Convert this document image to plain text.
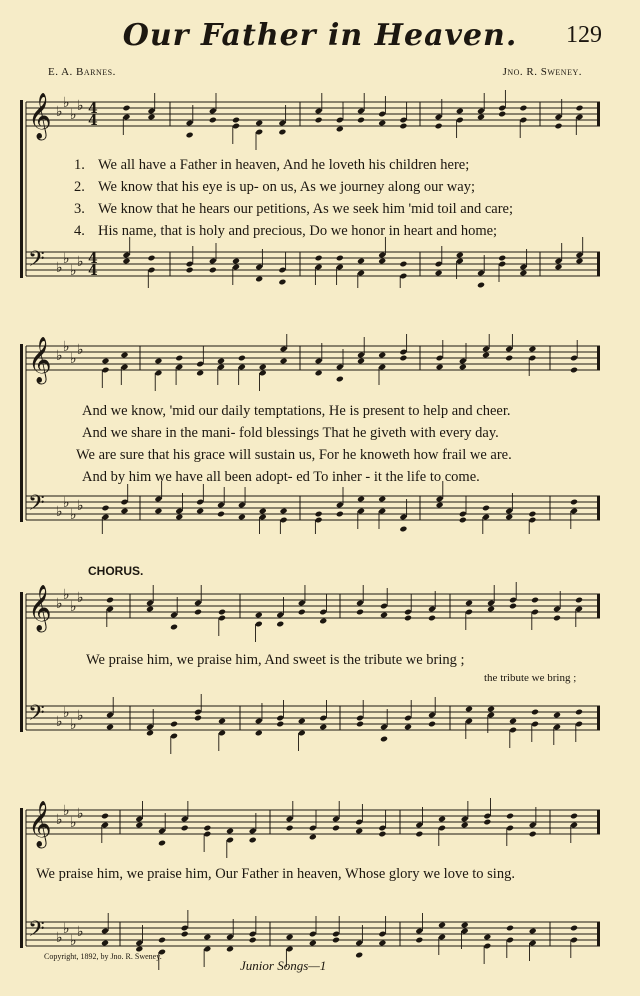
Our Father in Heaven.	129
E. A. Barnes.	Jno. R. Sweney.
𝄞 ♭
♭
♭
♭ 4
4
𝄢 ♭
♭
♭
♭ 4
4
1. We all have a Father in heaven, And he loveth his children here;
2. We know that his eye is up- on us, As we journey along our way;
3. We know that he hears our petitions, As we seek him 'mid toil and care;
4. His name, that is holy and precious, Do we honor in heart and home;
𝄞 ♭
♭
♭
♭
𝄢 ♭
♭
♭
♭
And we know, 'mid our daily temptations, He is present to help and cheer.
And we share in the mani- fold blessings That he giveth with every day.
We are sure that his grace will sustain us, For he knoweth how frail we are.
And by him we have all been adopt- ed To inher - it the life to come.
CHORUS.
𝄞 ♭
♭
♭
♭
𝄢 ♭
♭
♭
♭
We praise him, we praise him, And sweet is the tribute we bring ;
the tribute we bring ;
𝄞 ♭
♭
♭
♭
𝄢 ♭
♭
♭
♭
We praise him, we praise him, Our Father in heaven, Whose glory we love to sing.
Copyright, 1892, by Jno. R. Sweney.
Junior Songs—1
